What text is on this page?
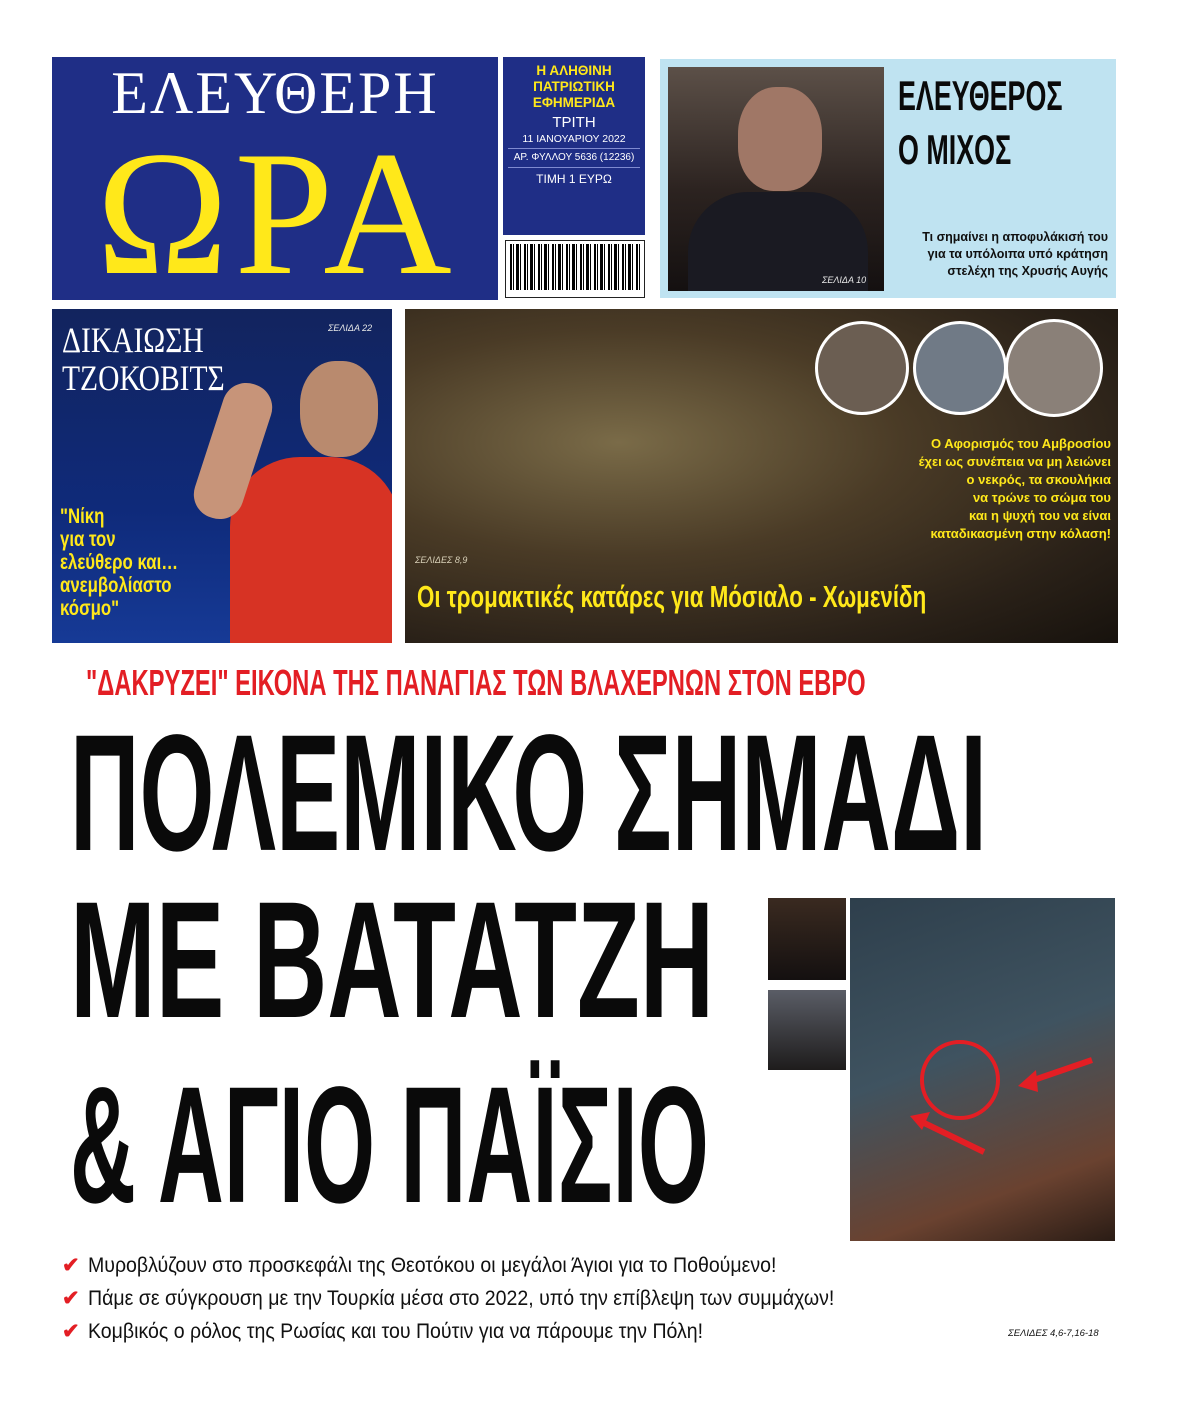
ΕΛΕΥΘΕΡΗ
ΩΡΑ
Η ΑΛΗΘΙΝΗ
ΠΑΤΡΙΩΤΙΚΗ
ΕΦΗΜΕΡΙΔΑ
ΤΡΙΤΗ
11 ΙΑΝΟΥΑΡΙΟΥ 2022
ΑΡ. ΦΥΛΛΟΥ 5636 (12236)
ΤΙΜΗ 1 ΕΥΡΩ
ΣΕΛΙΔΑ 10
ΕΛΕΥΘΕΡΟΣ
Ο ΜΙΧΟΣ
Τι σημαίνει η αποφυλάκισή του
για τα υπόλοιπα υπό κράτηση
στελέχη της Χρυσής Αυγής
ΔΙΚΑΙΩΣΗ
ΤΖΟΚΟΒΙΤΣ
ΣΕΛΙΔΑ 22
"Νίκη
για τον
ελεύθερο και…
ανεμβολίαστο
κόσμο"
Ο Αφορισμός του Αμβροσίου
έχει ως συνέπεια να μη λειώνει
ο νεκρός, τα σκουλήκια
να τρώνε το σώμα του
και η ψυχή του να είναι
καταδικασμένη στην κόλαση!
ΣΕΛΙΔΕΣ 8,9
Οι τρομακτικές κατάρες για Μόσιαλο - Χωμενίδη
"ΔΑΚΡΥΖΕΙ" ΕΙΚΟΝΑ ΤΗΣ ΠΑΝΑΓΙΑΣ ΤΩΝ ΒΛΑΧΕΡΝΩΝ ΣΤΟΝ ΕΒΡΟ
ΠΟΛΕΜΙΚΟ ΣΗΜΑΔΙ
ΜΕ ΒΑΤΑΤΖΗ
& ΑΓΙΟ ΠΑΪΣΙΟ
✔ Μυροβλύζουν στο προσκεφάλι της Θεοτόκου οι μεγάλοι Άγιοι για το Ποθούμενο!
✔ Πάμε σε σύγκρουση με την Τουρκία μέσα στο 2022, υπό την επίβλεψη των συμμάχων!
✔ Κομβικός ο ρόλος της Ρωσίας και του Πούτιν για να πάρουμε την Πόλη!	ΣΕΛΙΔΕΣ 4,6-7,16-18
